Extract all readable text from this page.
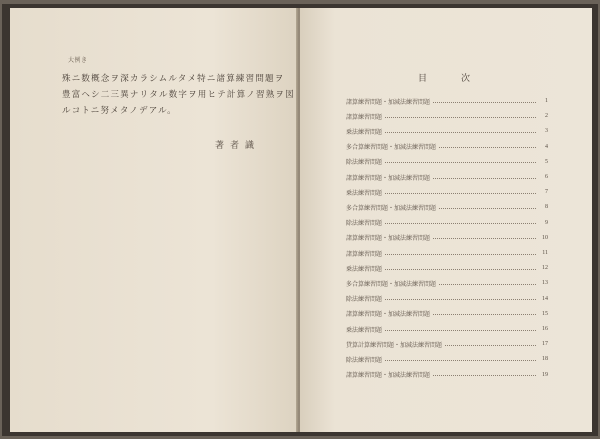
大例き
殊ニ数概念ヲ深カラシムルタメ特ニ諸算練習問題ヲ
豊富ヘシ二三異ナリタル数字ヲ用ヒテ計算ノ習熟ヲ図
ルコトニ努メタノデアル。
著者識
目次
諸算練習問題・加減法練習問題	1
諸算練習問題	2
乗法練習問題	3
多合算練習問題・加減法練習問題	4
除法練習問題	5
諸算練習問題・加減法練習問題	6
乗法練習問題	7
多合算練習問題・加減法練習問題	8
除法練習問題	9
諸算練習問題・加減法練習問題	10
諸算練習問題	11
乗法練習問題	12
多合算練習問題・加減法練習問題	13
除法練習問題	14
諸算練習問題・加減法練習問題	15
乗法練習問題	16
貸算計算練習問題・加減法練習問題	17
除法練習問題	18
諸算練習問題・加減法練習問題	19
